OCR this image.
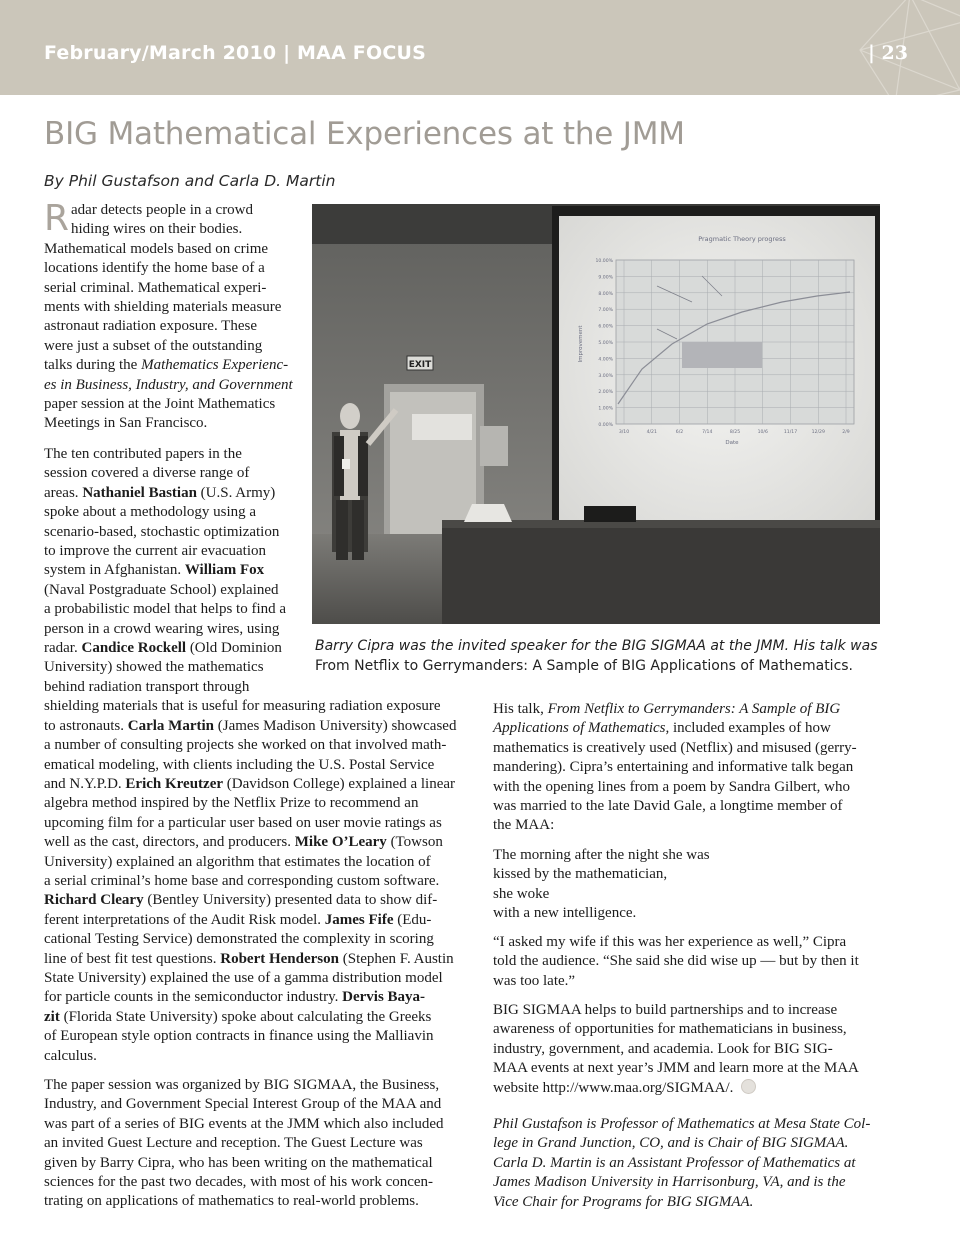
February/March 2010 | MAA FOCUS	| 23
BIG Mathematical Experiences at the JMM
By Phil Gustafson and Carla D. Martin
R adar detects people in a crowd
hiding wires on their bodies.
Mathematical models based on crime
locations identify the home base of a
serial criminal. Mathematical experi-
ments with shielding materials measure
astronaut radiation exposure. These
were just a subset of the outstanding
talks during the Mathematics Experienc-
es in Business, Industry, and Government
paper session at the Joint Mathematics
Meetings in San Francisco.
The ten contributed papers in the
session covered a diverse range of
areas. Nathaniel Bastian (U.S. Army)
spoke about a methodology using a
scenario-based, stochastic optimization
to improve the current air evacuation
system in Afghanistan. William Fox
(Naval Postgraduate School) explained
a probabilistic model that helps to find a
person in a crowd wearing wires, using
radar. Candice Rockell (Old Dominion
University) showed the mathematics
behind radiation transport through
shielding materials that is useful for measuring radiation exposure
to astronauts. Carla Martin (James Madison University) showcased
a number of consulting projects she worked on that involved math-
ematical modeling, with clients including the U.S. Postal Service
and N.Y.P.D. Erich Kreutzer (Davidson College) explained a linear
algebra method inspired by the Netflix Prize to recommend an
upcoming film for a particular user based on user movie ratings as
well as the cast, directors, and producers. Mike O’Leary (Towson
University) explained an algorithm that estimates the location of
a serial criminal’s home base and corresponding custom software.
Richard Cleary (Bentley University) presented data to show dif-
ferent interpretations of the Audit Risk model. James Fife (Edu-
cational Testing Service) demonstrated the complexity in scoring
line of best fit test questions. Robert Henderson (Stephen F. Austin
State University) explained the use of a gamma distribution model
for particle counts in the semiconductor industry. Dervis Baya-
zit (Florida State University) spoke about calculating the Greeks
of European style option contracts in finance using the Malliavin
calculus.
The paper session was organized by BIG SIGMAA, the Business,
Industry, and Government Special Interest Group of the MAA and
was part of a series of BIG events at the JMM which also included
an invited Guest Lecture and reception. The Guest Lecture was
given by Barry Cipra, who has been writing on the mathematical
sciences for the past two decades, with most of his work concen-
trating on applications of mathematics to real-world problems.
EXIT
Pragmatic Theory progress
10.00%
9.00%
8.00%
7.00%
6.00%
5.00%
4.00%
3.00%
2.00%
1.00%
0.00%
3/10	4/21	6/2	7/14	8/25	10/6	11/17	12/29	2/9
Improvement
Date
Barry Cipra was the invited speaker for the BIG SIGMAA at the JMM. His talk was
From Netflix to Gerrymanders: A Sample of BIG Applications of Mathematics.
His talk, From Netflix to Gerrymanders: A Sample of BIG
Applications of Mathematics, included examples of how
mathematics is creatively used (Netflix) and misused (gerry-
mandering). Cipra’s entertaining and informative talk began
with the opening lines from a poem by Sandra Gilbert, who
was married to the late David Gale, a longtime member of
the MAA:
The morning after the night she was
kissed by the mathematician,
she woke
with a new intelligence.
“I asked my wife if this was her experience as well,” Cipra
told the audience. “She said she did wise up — but by then it
was too late.”
BIG SIGMAA helps to build partnerships and to increase
awareness of opportunities for mathematicians in business,
industry, government, and academia. Look for BIG SIG-
MAA events at next year’s JMM and learn more at the MAA
website http://www.maa.org/SIGMAA/.
Phil Gustafson is Professor of Mathematics at Mesa State Col-
lege in Grand Junction, CO, and is Chair of BIG SIGMAA.
Carla D. Martin is an Assistant Professor of Mathematics at
James Madison University in Harrisonburg, VA, and is the
Vice Chair for Programs for BIG SIGMAA.
